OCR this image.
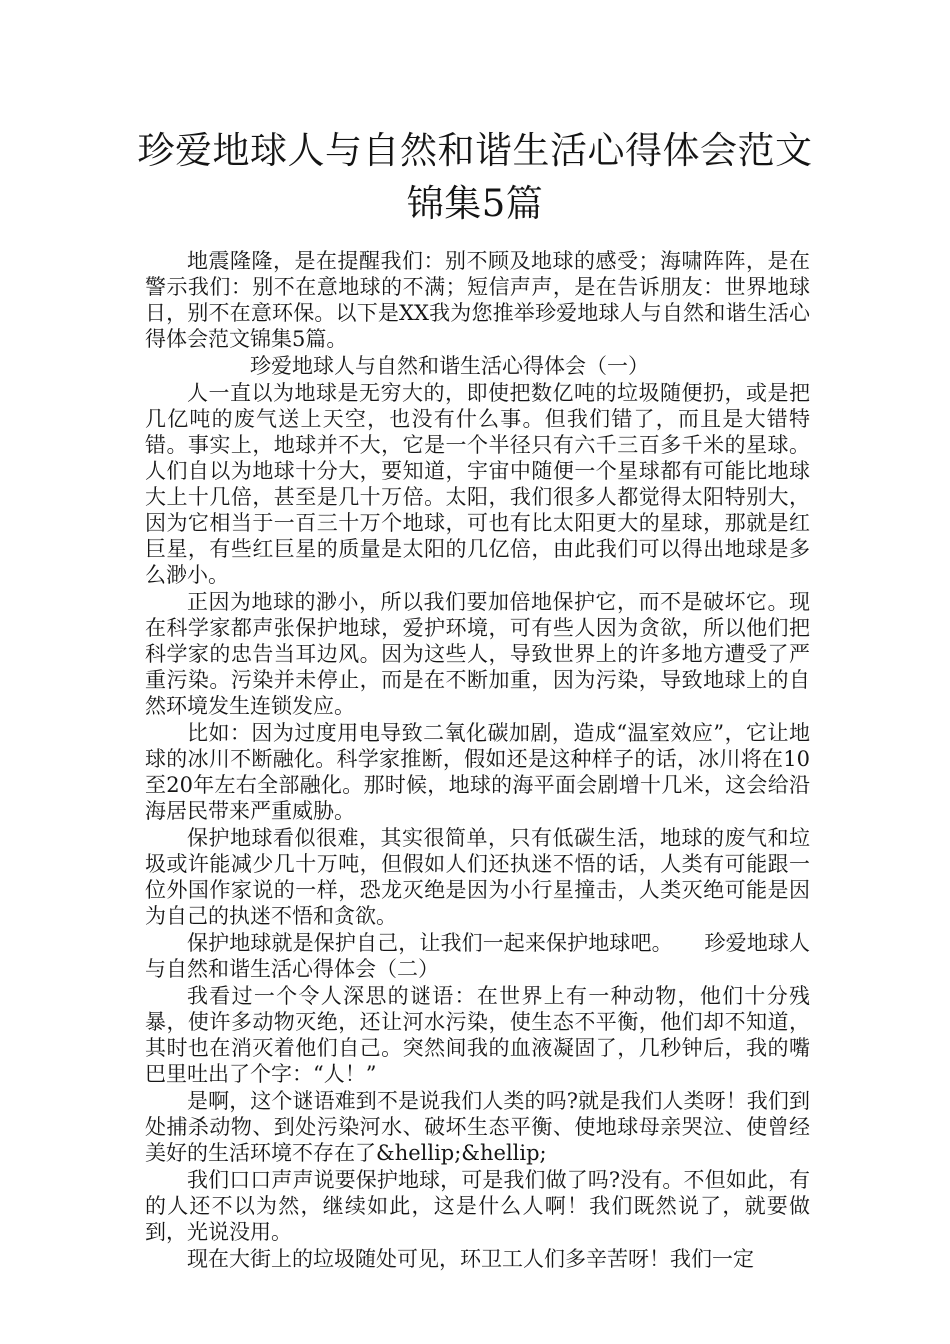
珍爱地球人与自然和谐生活心得体会范文
锦集5篇

地震隆隆，是在提醒我们：别不顾及地球的感受；海啸阵阵，是在警示我们：别不在意地球的不满；短信声声，是在告诉朋友：世界地球日，别不在意环保。以下是XX我为您推举珍爱地球人与自然和谐生活心得体会范文锦集5篇。

珍爱地球人与自然和谐生活心得体会（一）

人一直以为地球是无穷大的，即使把数亿吨的垃圾随便扔，或是把几亿吨的废气送上天空，也没有什么事。但我们错了，而且是大错特错。事实上，地球并不大，它是一个半径只有六千三百多千米的星球。人们自以为地球十分大，要知道，宇宙中随便一个星球都有可能比地球大上十几倍，甚至是几十万倍。太阳，我们很多人都觉得太阳特别大，因为它相当于一百三十万个地球，可也有比太阳更大的星球，那就是红巨星，有些红巨星的质量是太阳的几亿倍，由此我们可以得出地球是多么渺小。

正因为地球的渺小，所以我们要加倍地保护它，而不是破坏它。现在科学家都声张保护地球，爱护环境，可有些人因为贪欲，所以他们把科学家的忠告当耳边风。因为这些人，导致世界上的许多地方遭受了严重污染。污染并未停止，而是在不断加重，因为污染，导致地球上的自然环境发生连锁发应。

比如：因为过度用电导致二氧化碳加剧，造成“温室效应”，它让地球的冰川不断融化。科学家推断，假如还是这种样子的话，冰川将在10至20年左右全部融化。那时候，地球的海平面会剧增十几米，这会给沿海居民带来严重威胁。

保护地球看似很难，其实很简单，只有低碳生活，地球的废气和垃圾或许能减少几十万吨，但假如人们还执迷不悟的话，人类有可能跟一位外国作家说的一样，恐龙灭绝是因为小行星撞击，人类灭绝可能是因为自己的执迷不悟和贪欲。

保护地球就是保护自己，让我们一起来保护地球吧。　　珍爱地球人与自然和谐生活心得体会（二）

我看过一个令人深思的谜语：在世界上有一种动物，他们十分残暴，使许多动物灭绝，还让河水污染，使生态不平衡，他们却不知道，其时也在消灭着他们自己。突然间我的血液凝固了，几秒钟后，我的嘴巴里吐出了个字：“人！”

是啊，这个谜语难到不是说我们人类的吗?就是我们人类呀！我们到处捕杀动物、到处污染河水、破坏生态平衡、使地球母亲哭泣、使曾经美好的生活环境不存在了&hellip;&hellip;

我们口口声声说要保护地球，可是我们做了吗?没有。不但如此，有的人还不以为然，继续如此，这是什么人啊！我们既然说了，就要做到，光说没用。

现在大街上的垃圾随处可见，环卫工人们多辛苦呀！我们一定
